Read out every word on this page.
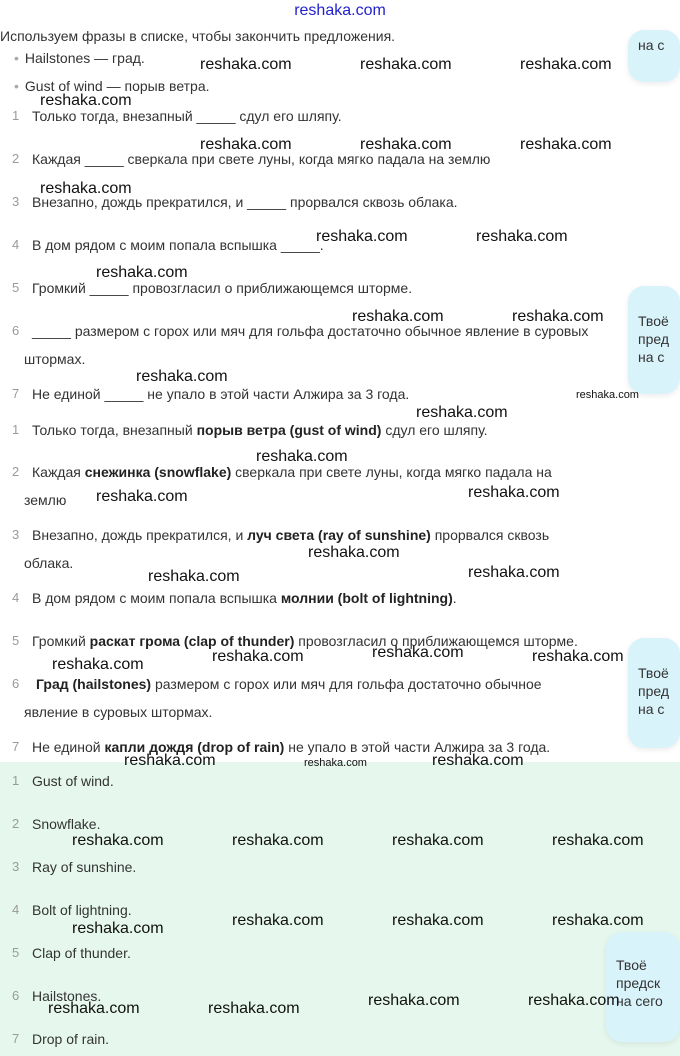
reshaka.com
Используем фразы в списке, чтобы закончить предложения.
• Hailstones — град.
• Gust of wind — порыв ветра.
1 Только тогда, внезапный _____ сдул его шляпу.
2 Каждая _____ сверкала при свете луны, когда мягко падала на землю
3 Внезапно, дождь прекратился, и _____ прорвался сквозь облака.
4 В дом рядом с моим попала вспышка _____.
5 Громкий _____ провозгласил о приближающемся шторме.
6 _____ размером с горох или мяч для гольфа достаточно обычное явление в суровых
штормах.
7 Не единой _____ не упало в этой части Алжира за 3 года.
1 Только тогда, внезапный порыв ветра (gust of wind) сдул его шляпу.
2 Каждая снежинка (snowflake) сверкала при свете луны, когда мягко падала на
землю
3 Внезапно, дождь прекратился, и луч света (ray of sunshine) прорвался сквозь
облака.
4 В дом рядом с моим попала вспышка молнии (bolt of lightning).
5 Громкий раскат грома (clap of thunder) провозгласил о приближающемся шторме.
6	Град (hailstones) размером с горох или мяч для гольфа достаточно обычное
явление в суровых штормах.
7 Не единой капли дождя (drop of rain) не упало в этой части Алжира за 3 года.
1 Gust of wind.
2 Snowflake.
3 Ray of sunshine.
4 Bolt of lightning.
5 Clap of thunder.
6 Hailstones.
7 Drop of rain.
на с
Твоё
пред
на с
Твоё
пред
на с
Твоё
предск
на сего
reshaka.com	reshaka.com	reshaka.com
reshaka.com
reshaka.com	reshaka.com	reshaka.com
reshaka.com
reshaka.com	reshaka.com
reshaka.com
reshaka.com	reshaka.com
reshaka.com
reshaka.com
reshaka.com
reshaka.com
reshaka.com	reshaka.com
reshaka.com
reshaka.com	reshaka.com
reshaka.com	reshaka.com	reshaka.com
reshaka.com
reshaka.com	reshaka.com	reshaka.com
reshaka.com	reshaka.com	reshaka.com	reshaka.com
reshaka.com	reshaka.com	reshaka.com
reshaka.com
reshaka.com	reshaka.com
reshaka.com	reshaka.com
